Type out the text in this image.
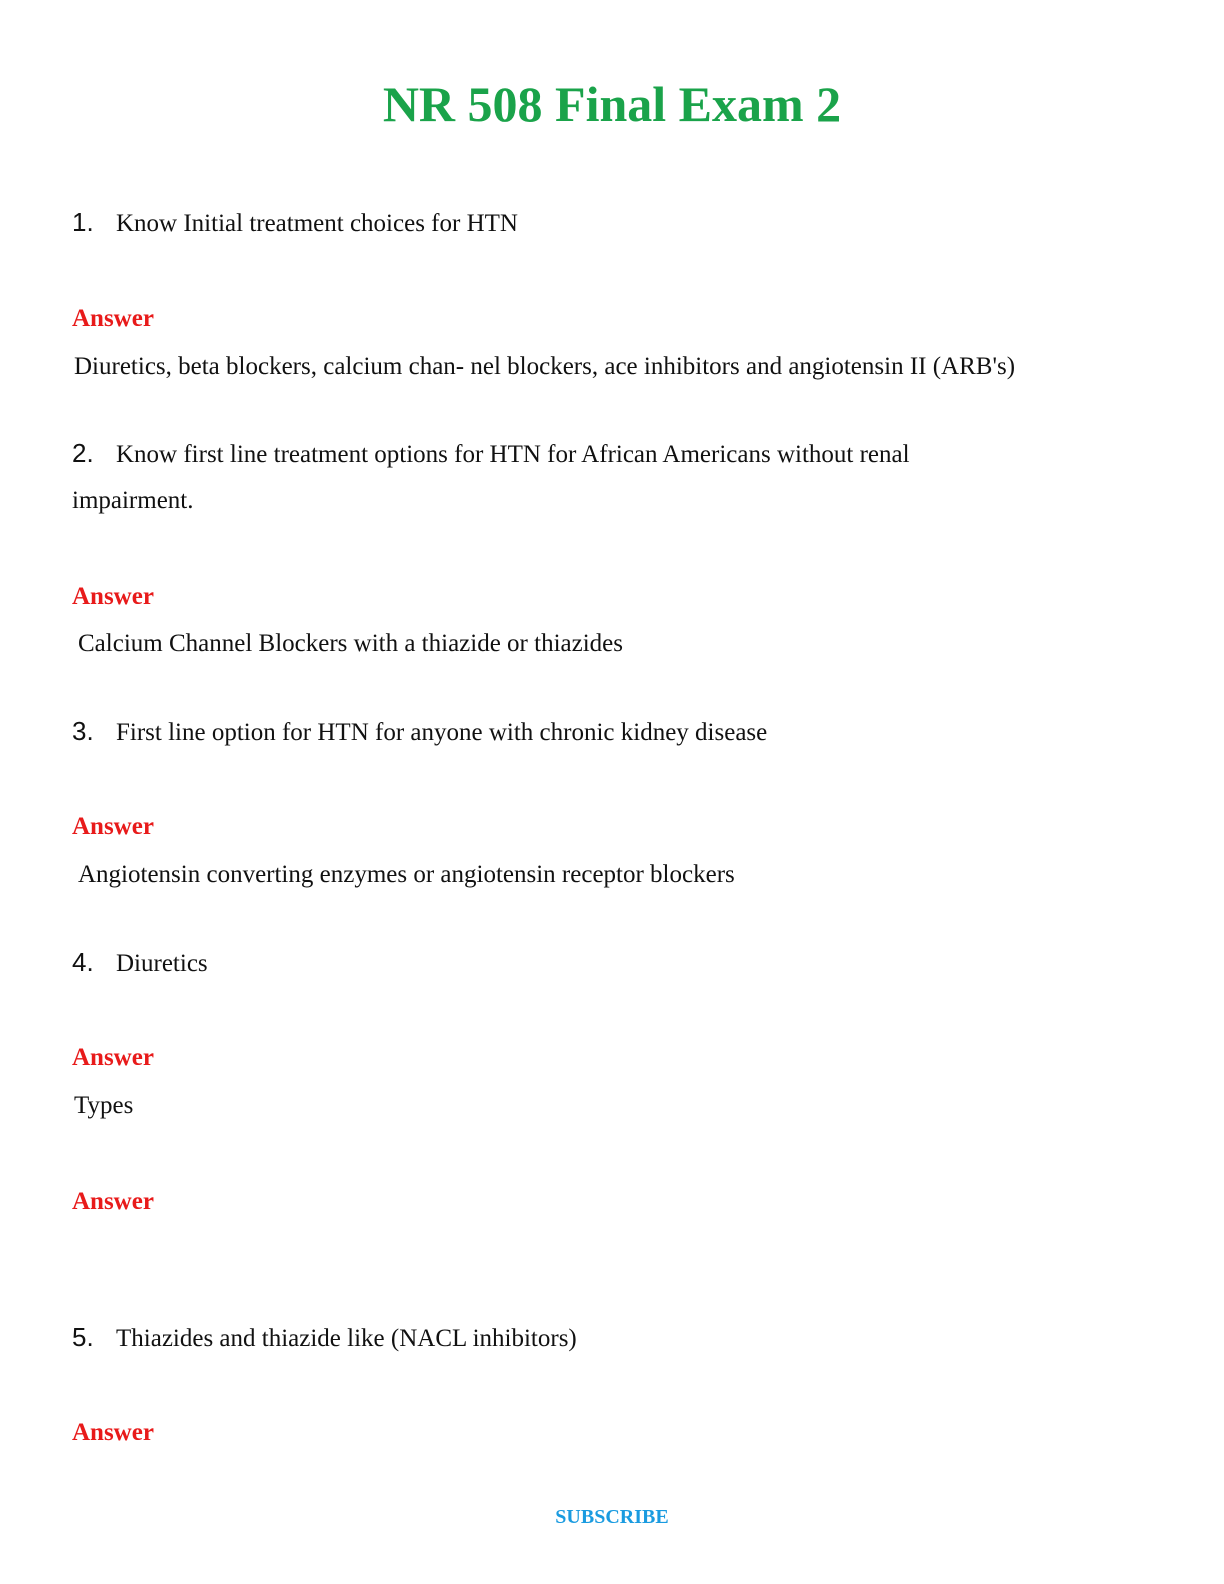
NR 508 Final Exam 2
1. Know Initial treatment choices for HTN
Answer
Diuretics, beta blockers, calcium chan- nel blockers, ace inhibitors and angiotensin II (ARB's)
2. Know first line treatment options for HTN for African Americans without renal
impairment.
Answer
Calcium Channel Blockers with a thiazide or thiazides
3. First line option for HTN for anyone with chronic kidney disease
Answer
Angiotensin converting enzymes or angiotensin receptor blockers
4. Diuretics
Answer
Types
Answer
5. Thiazides and thiazide like (NACL inhibitors)
Answer
SUBSCRIBE
